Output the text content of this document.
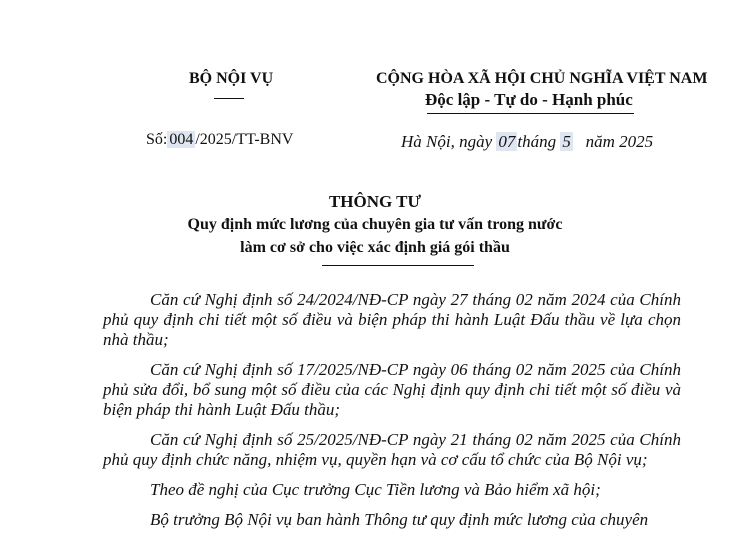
BỘ NỘI VỤ
Số: 004 /2025/TT-BNV
CỘNG HÒA XÃ HỘI CHỦ NGHĨA VIỆT NAM
Độc lập - Tự do - Hạnh phúc
Hà Nội, ngày 07 tháng 5 năm 2025
THÔNG TƯ
Quy định mức lương của chuyên gia tư vấn trong nước
làm cơ sở cho việc xác định giá gói thầu

Căn cứ Nghị định số 24/2024/NĐ-CP ngày 27 tháng 02 năm 2024 của Chính phủ quy định chi tiết một số điều và biện pháp thi hành Luật Đấu thầu về lựa chọn nhà thầu;

Căn cứ Nghị định số 17/2025/NĐ-CP ngày 06 tháng 02 năm 2025 của Chính phủ sửa đổi, bổ sung một số điều của các Nghị định quy định chi tiết một số điều và biện pháp thi hành Luật Đấu thầu;

Căn cứ Nghị định số 25/2025/NĐ-CP ngày 21 tháng 02 năm 2025 của Chính phủ quy định chức năng, nhiệm vụ, quyền hạn và cơ cấu tổ chức của Bộ Nội vụ;

Theo đề nghị của Cục trưởng Cục Tiền lương và Bảo hiểm xã hội;

Bộ trưởng Bộ Nội vụ ban hành Thông tư quy định mức lương của chuyên
